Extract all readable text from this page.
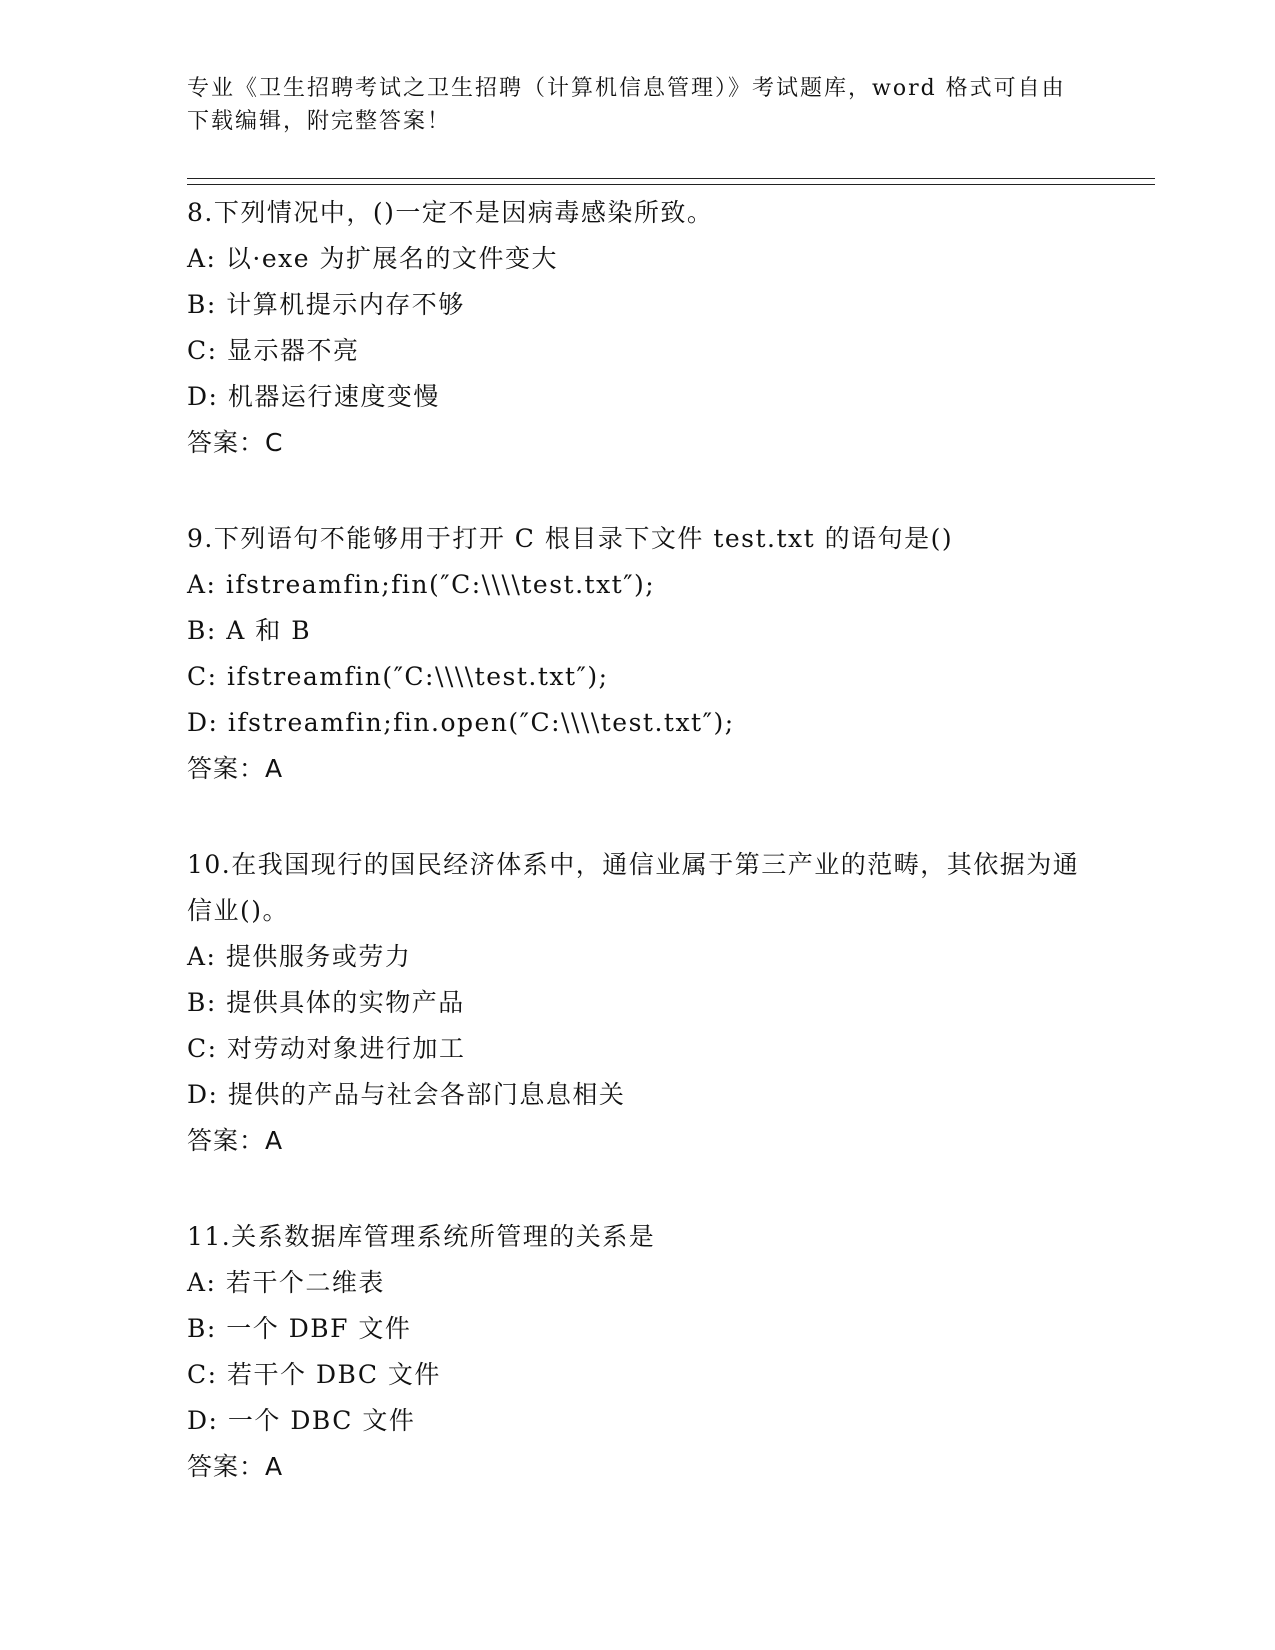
专业《卫生招聘考试之卫生招聘（计算机信息管理）》考试题库，word 格式可自由下载编辑，附完整答案！
8.下列情况中，()一定不是因病毒感染所致。
A: 以·exe 为扩展名的文件变大
B: 计算机提示内存不够
C: 显示器不亮
D: 机器运行速度变慢
答案：C
9.下列语句不能够用于打开 C 根目录下文件 test.txt 的语句是()
A: ifstreamfin;fin(″C:\\\\test.txt″);
B: A 和 B
C: ifstreamfin(″C:\\\\test.txt″);
D: ifstreamfin;fin.open(″C:\\\\test.txt″);
答案：A
10.在我国现行的国民经济体系中，通信业属于第三产业的范畴，其依据为通信业()。
A: 提供服务或劳力
B: 提供具体的实物产品
C: 对劳动对象进行加工
D: 提供的产品与社会各部门息息相关
答案：A
11.关系数据库管理系统所管理的关系是
A: 若干个二维表
B: 一个 DBF 文件
C: 若干个 DBC 文件
D: 一个 DBC 文件
答案：A
